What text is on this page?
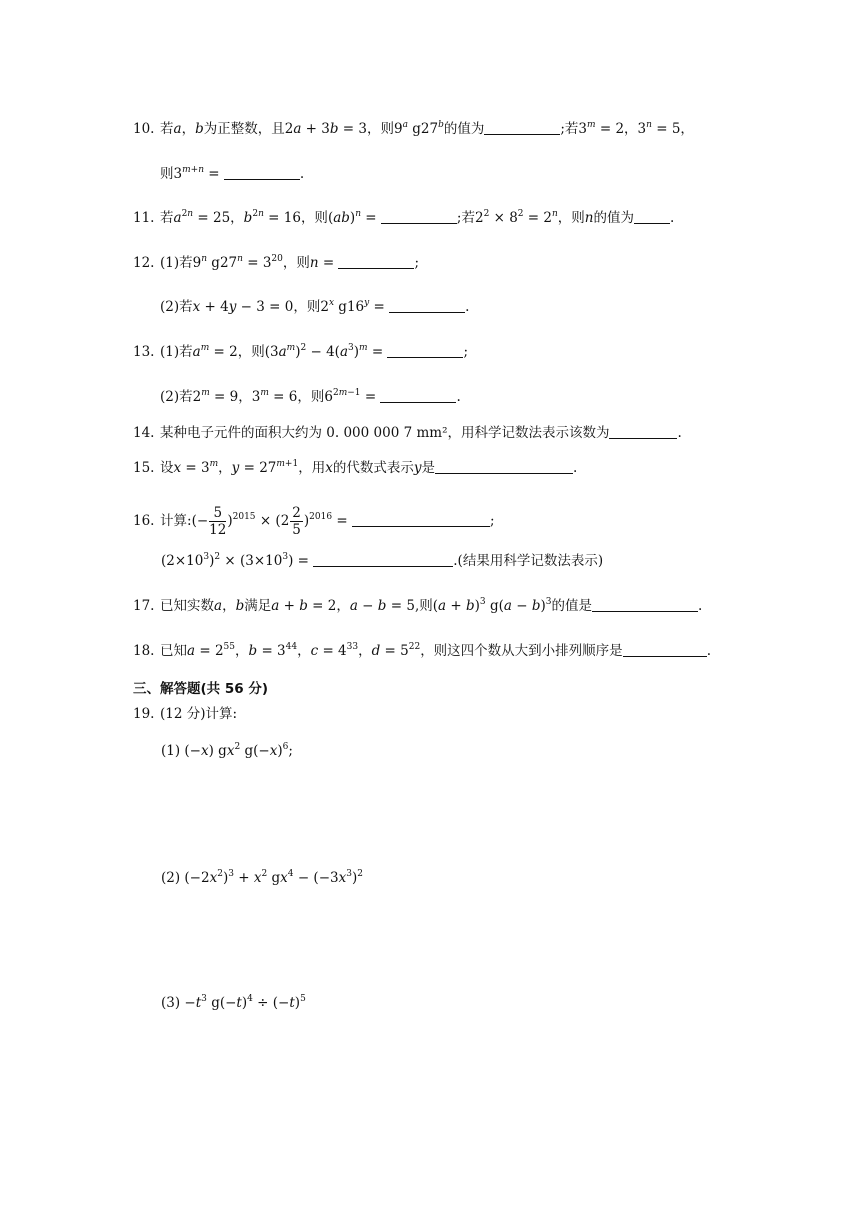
10. 若a，b为正整数，且2a + 3b = 3，则9$^a$ g27$^b$的值为	;若$3^m = 2$，$3^n = 5$，
则$3^{m+n}$ =	.
11. 若$a^{2n} = 25$，$b^{2n} = 16$，则(ab)$^n$ =	;若$2^2 \times 8^2 = 2^n$，则n的值为	.
12. (1)若9$^n$ $g27^n = 3^{20}$，则n =	;
(2)若x + 4y − 3 = 0，则2$^x$ $g16^y$ =	.
13. (1)若$a^m = 2$，则$(3a^m)^2 - 4(a^3)^m$ =	;
(2)若$2^m = 9$，$3^m = 6$，则$6^{2m-1}$ =	.
14. 某种电子元件的面积大约为 0. 000 000 7 mm²，用科学记数法表示该数为	.
15. 设$x = 3^m$，$y = 27^{m+1}$，用x的代数式表示y是	.
16. 计算:(− $\frac{5}{12} )^{2015} \times (2 \frac{2}{5} )^{2016}$ =	;
$(2\times 10^3)^2 \times (3\times 10^3)$ =	.(结果用科学记数法表示)
17. 已知实数a，b满足a + b = 2，a − b = 5,则$(a + b)^3$ $g(a - b)^3$的值是	.
18. 已知$a = 2^{55}$，$b = 3^{44}$，$c = 4^{33}$，$d = 5^{22}$，则这四个数从大到小排列顺序是	.
三、解答题(共 56 分)
19. (12 分)计算:
(1) (−x) $gx^2$ $g(-x)^6$;
(2) $(-2x^2)^3 + x^2$ $gx^4 - (-3x^3)^2$
$(3) -t^3$ $g(-t)^4 \div (-t)^5$
